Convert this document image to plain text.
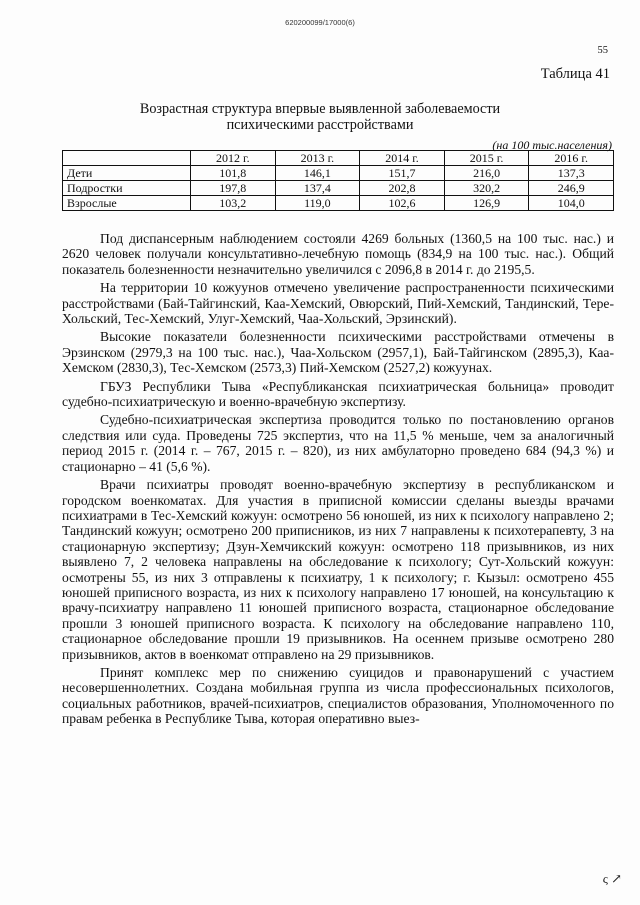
620200099/17000(6)
55
Таблица 41
Возрастная структура впервые выявленной заболеваемости
психическими расстройствами
(на 100 тыс.населения)
	2012 г.	2013 г.	2014 г.	2015 г.	2016 г.
Дети	101,8	146,1	151,7	216,0	137,3
Подростки	197,8	137,4	202,8	320,2	246,9
Взрослые	103,2	119,0	102,6	126,9	104,0

Под диспансерным наблюдением состояли 4269 больных (1360,5 на 100 тыс. нас.) и 2620 человек получали консультативно-лечебную помощь (834,9 на 100 тыс. нас.). Общий показатель болезненности незначительно увеличился с 2096,8 в 2014 г. до 2195,5.

На территории 10 кожуунов отмечено увеличение распространенности психическими расстройствами (Бай-Тайгинский, Каа-Хемский, Овюрский, Пий-Хемский, Тандинский, Тере-Хольский, Тес-Хемский, Улуг-Хемский, Чаа-Хольский, Эрзинский).

Высокие показатели болезненности психическими расстройствами отмечены в Эрзинском (2979,3 на 100 тыс. нас.), Чаа-Хольском (2957,1), Бай-Тайгинском (2895,3), Каа-Хемском (2830,3), Тес-Хемском (2573,3) Пий-Хемском (2527,2) кожуунах.

ГБУЗ Республики Тыва «Республиканская психиатрическая больница» проводит судебно-психиатрическую и военно-врачебную экспертизу.

Судебно-психиатрическая экспертиза проводится только по постановлению органов следствия или суда. Проведены 725 экспертиз, что на 11,5 % меньше, чем за аналогичный период 2015 г. (2014 г. – 767, 2015 г. – 820), из них амбулаторно проведено 684 (94,3 %) и стационарно – 41 (5,6 %).

Врачи психиатры проводят военно-врачебную экспертизу в республиканском и городском военкоматах. Для участия в приписной комиссии сделаны выезды врачами психиатрами в Тес-Хемский кожуун: осмотрено 56 юношей, из них к психологу направлено 2; Тандинский кожуун; осмотрено 200 приписников, из них 7 направлены к психотерапевту, 3 на стационарную экспертизу; Дзун-Хемчикский кожуун: осмотрено 118 призывников, из них выявлено 7, 2 человека направлены на обследование к психологу; Сут-Хольский кожуун: осмотрены 55, из них 3 отправлены к психиатру, 1 к психологу; г. Кызыл: осмотрено 455 юношей приписного возраста, из них к психологу направлено 17 юношей, на консультацию к врачу-психиатру направлено 11 юношей приписного возраста, стационарное обследование прошли 3 юношей приписного возраста. К психологу на обследование направлено 110, стационарное обследование прошли 19 призывников. На осеннем призыве осмотрено 280 призывников, актов в военкомат отправлено на 29 призывников.

Принят комплекс мер по снижению суицидов и правонарушений с участием несовершеннолетних. Создана мобильная группа из числа профессиональных психологов, социальных работников, врачей-психиатров, специалистов образования, Уполномоченного по правам ребенка в Республике Тыва, которая оперативно выез-

ς ↗
